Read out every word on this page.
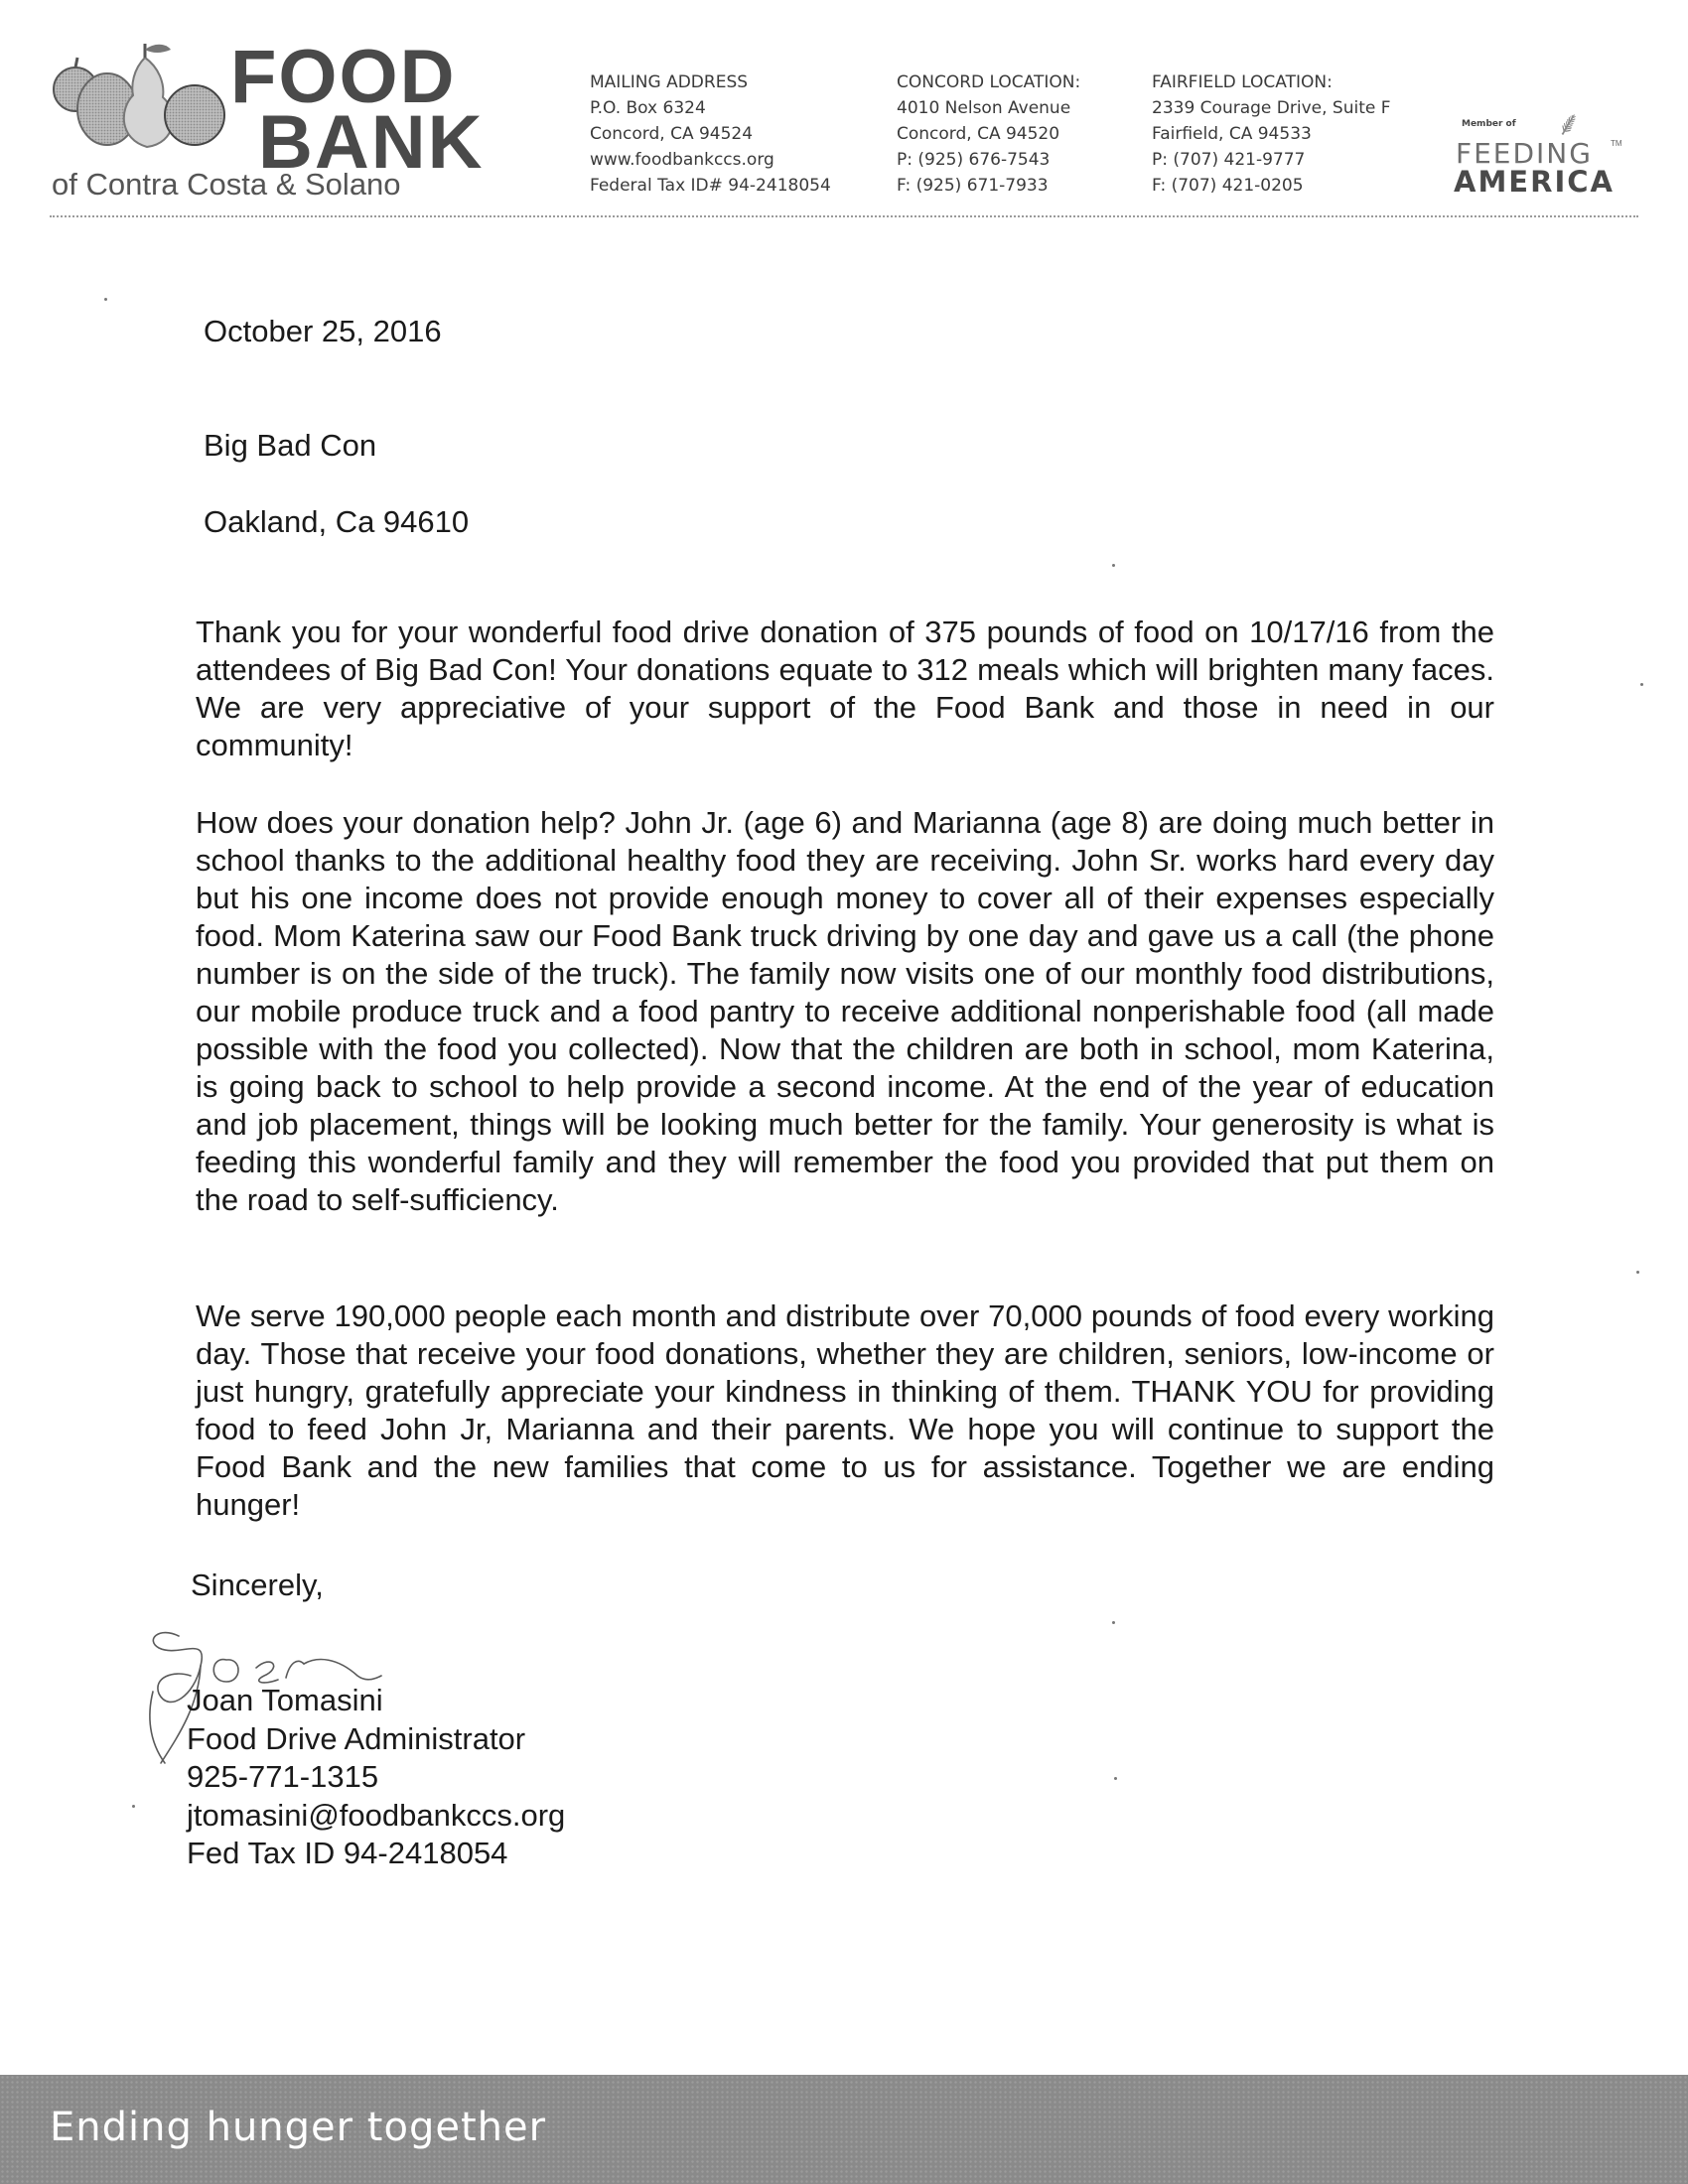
FOOD
BANK
of Contra Costa & Solano
MAILING ADDRESS
P.O. Box 6324
Concord, CA 94524
www.foodbankccs.org
Federal Tax ID# 94-2418054
CONCORD LOCATION:
4010 Nelson Avenue
Concord, CA 94520
P: (925) 676-7543
F: (925) 671-7933
FAIRFIELD LOCATION:
2339 Courage Drive, Suite F
Fairfield, CA 94533
P: (707) 421-9777
F: (707) 421-0205
⸙
Member of
FEEDING TM
AMERICA
October 25, 2016
Big Bad Con
Oakland, Ca 94610
Thank you for your wonderful food drive donation of 375 pounds of food on 10/17/16 from the attendees of Big Bad Con! Your donations equate to 312 meals which will brighten many faces. We are very appreciative of your support of the Food Bank and those in need in our community!
How does your donation help? John Jr. (age 6) and Marianna (age 8) are doing much better in school thanks to the additional healthy food they are receiving. John Sr. works hard every day but his one income does not provide enough money to cover all of their expenses especially food. Mom Katerina saw our Food Bank truck driving by one day and gave us a call (the phone number is on the side of the truck). The family now visits one of our monthly food distributions, our mobile produce truck and a food pantry to receive additional nonperishable food (all made possible with the food you collected). Now that the children are both in school, mom Katerina, is going back to school to help provide a second income. At the end of the year of education and job placement, things will be looking much better for the family. Your generosity is what is feeding this wonderful family and they will remember the food you provided that put them on the road to self-sufficiency.
We serve 190,000 people each month and distribute over 70,000 pounds of food every working day. Those that receive your food donations, whether they are children, seniors, low-income or just hungry, gratefully appreciate your kindness in thinking of them. THANK YOU for providing food to feed John Jr, Marianna and their parents. We hope you will continue to support the Food Bank and the new families that come to us for assistance. Together we are ending hunger!
Sincerely,
Joan Tomasini
Food Drive Administrator
925-771-1315
jtomasini@foodbankccs.org
Fed Tax ID 94-2418054
Ending hunger together
